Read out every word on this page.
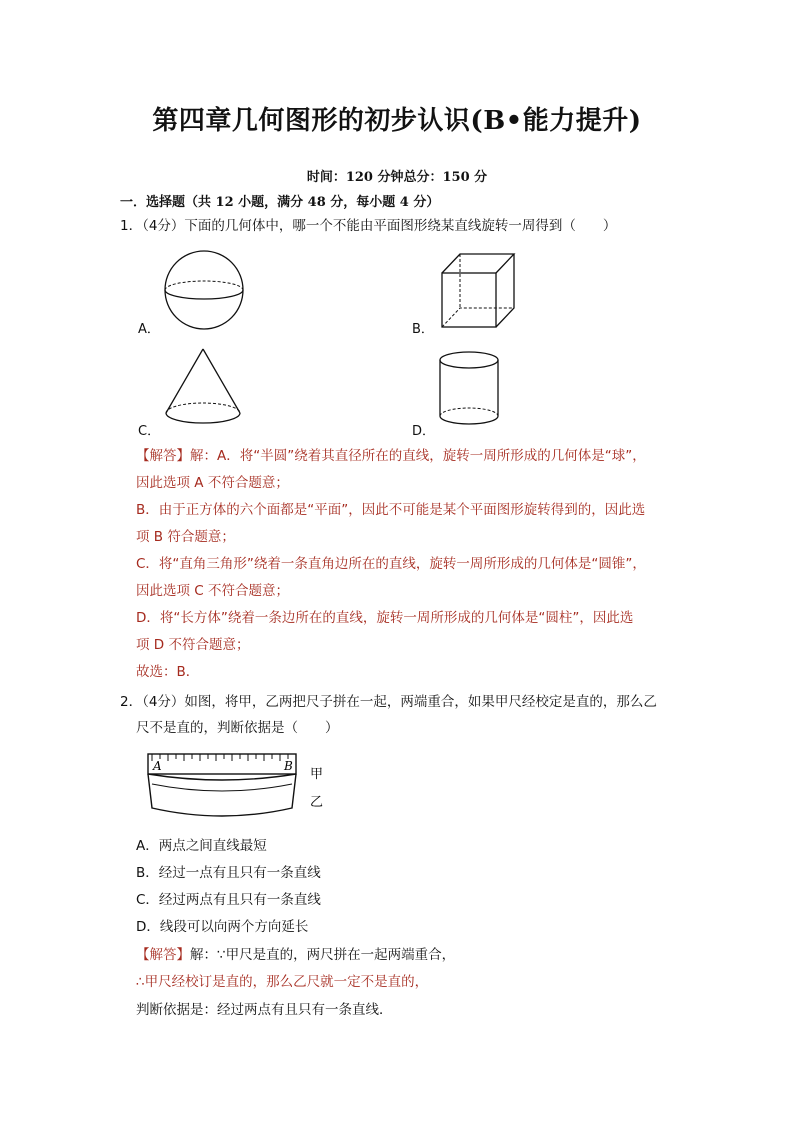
第四章几何图形的初步认识(B•能力提升)
时间：120 分钟总分：150 分
一．选择题（共 12 小题，满分 48 分，每小题 4 分）
1．（4分）下面的几何体中，哪一个不能由平面图形绕某直线旋转一周得到（　　）
A．	B．
C．	D．
【解答】解：A．将“半圆”绕着其直径所在的直线，旋转一周所形成的几何体是“球”，
因此选项 A 不符合题意；
B．由于正方体的六个面都是“平面”，因此不可能是某个平面图形旋转得到的，因此选
项 B 符合题意；
C．将“直角三角形”绕着一条直角边所在的直线，旋转一周所形成的几何体是“圆锥”，
因此选项 C 不符合题意；
D．将“长方体”绕着一条边所在的直线，旋转一周所形成的几何体是“圆柱”，因此选
项 D 不符合题意；
故选：B．
2．（4分）如图，将甲，乙两把尺子拼在一起，两端重合，如果甲尺经校定是直的，那么乙
尺不是直的，判断依据是（　　）
A	B
甲
乙
A．两点之间直线最短
B．经过一点有且只有一条直线
C．经过两点有且只有一条直线
D．线段可以向两个方向延长
【解答】解：∵甲尺是直的，两尺拼在一起两端重合，
∴甲尺经校订是直的，那么乙尺就一定不是直的，
判断依据是：经过两点有且只有一条直线．
